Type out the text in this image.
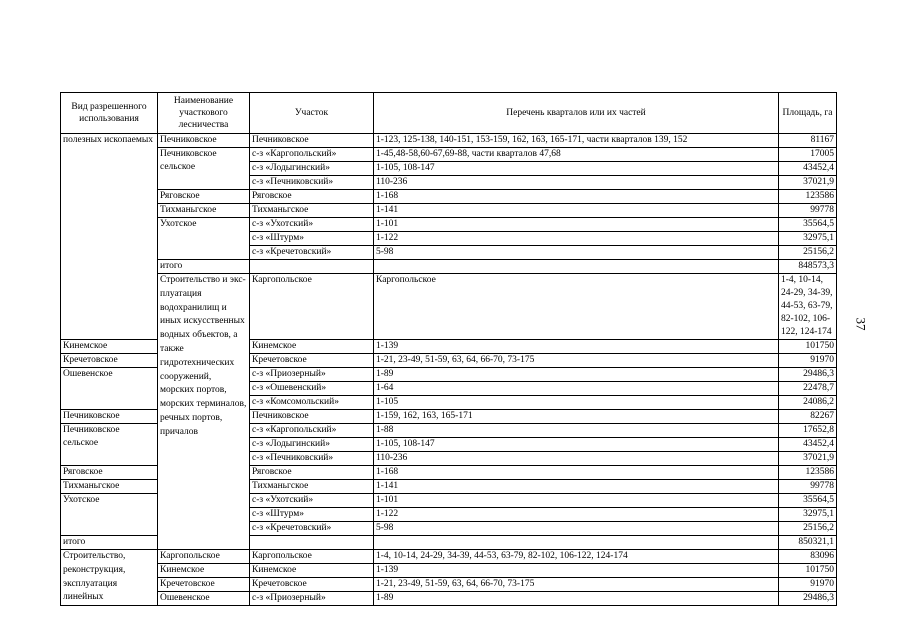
Вид разрешенного использования	Наименование участкового лесничества	Участок	Перечень кварталов или их частей	Площадь, га	
полезных ископаемых	Печниковское	Печниковское	1-123, 125-138, 140-151, 153-159, 162, 163, 165-171, части кварталов 139, 152	81167	
	Печниковское сельское	с-з «Каргопольский»	1-45,48-58,60-67,69-88, части кварталов 47,68	17005	
		с-з «Лодыгинский»	1-105, 108-147	43452,4	
		с-з «Печниковский»	110-236	37021,9	
	Ряговское	Ряговское	1-168	123586	
	Тихманьгское	Тихманьгское	1-141	99778	
	Ухотское	с-з «Ухотский»	1-101	35564,5	
		с-з «Штурм»	1-122	32975,1	
		с-з «Кречетовский»	5-98	25156,2	
	итого			848573,3	
	Строительство и экс- плуатация водохранилищ и иных искусственных водных объектов, а также гидротехнических сооружений, морских портов, морских терминалов, речных портов, причалов	Каргопольское	Каргопольское	1-4, 10-14, 24-29, 34-39, 44-53, 63-79, 82-102, 106-122, 124-174	
Кинемское		Кинемское	1-139	101750	
Кречетовское		Кречетовское	1-21, 23-49, 51-59, 63, 64, 66-70, 73-175	91970	
Ошевенское		с-з «Приозерный»	1-89	29486,3	
		с-з «Ошевенский»	1-64	22478,7	
		с-з «Комсомольский»	1-105	24086,2	
Печниковское		Печниковское	1-159, 162, 163, 165-171	82267	
Печниковское сельское		с-з «Каргопольский»	1-88	17652,8	
		с-з «Лодыгинский»	1-105, 108-147	43452,4	
		с-з «Печниковский»	110-236	37021,9	
Ряговское		Ряговское	1-168	123586	
Тихманьгское		Тихманьгское	1-141	99778	
Ухотское		с-з «Ухотский»	1-101	35564,5	
		с-з «Штурм»	1-122	32975,1	
		с-з «Кречетовский»	5-98	25156,2	
итого				850321,1	
Строительство, реконструкция, эксплуатация линейных	Каргопольское	Каргопольское	1-4, 10-14, 24-29, 34-39, 44-53, 63-79, 82-102, 106-122, 124-174	83096	
	Кинемское	Кинемское	1-139	101750	
	Кречетовское	Кречетовское	1-21, 23-49, 51-59, 63, 64, 66-70, 73-175	91970	
	Ошевенское	с-з «Приозерный»	1-89	29486,3	
37
